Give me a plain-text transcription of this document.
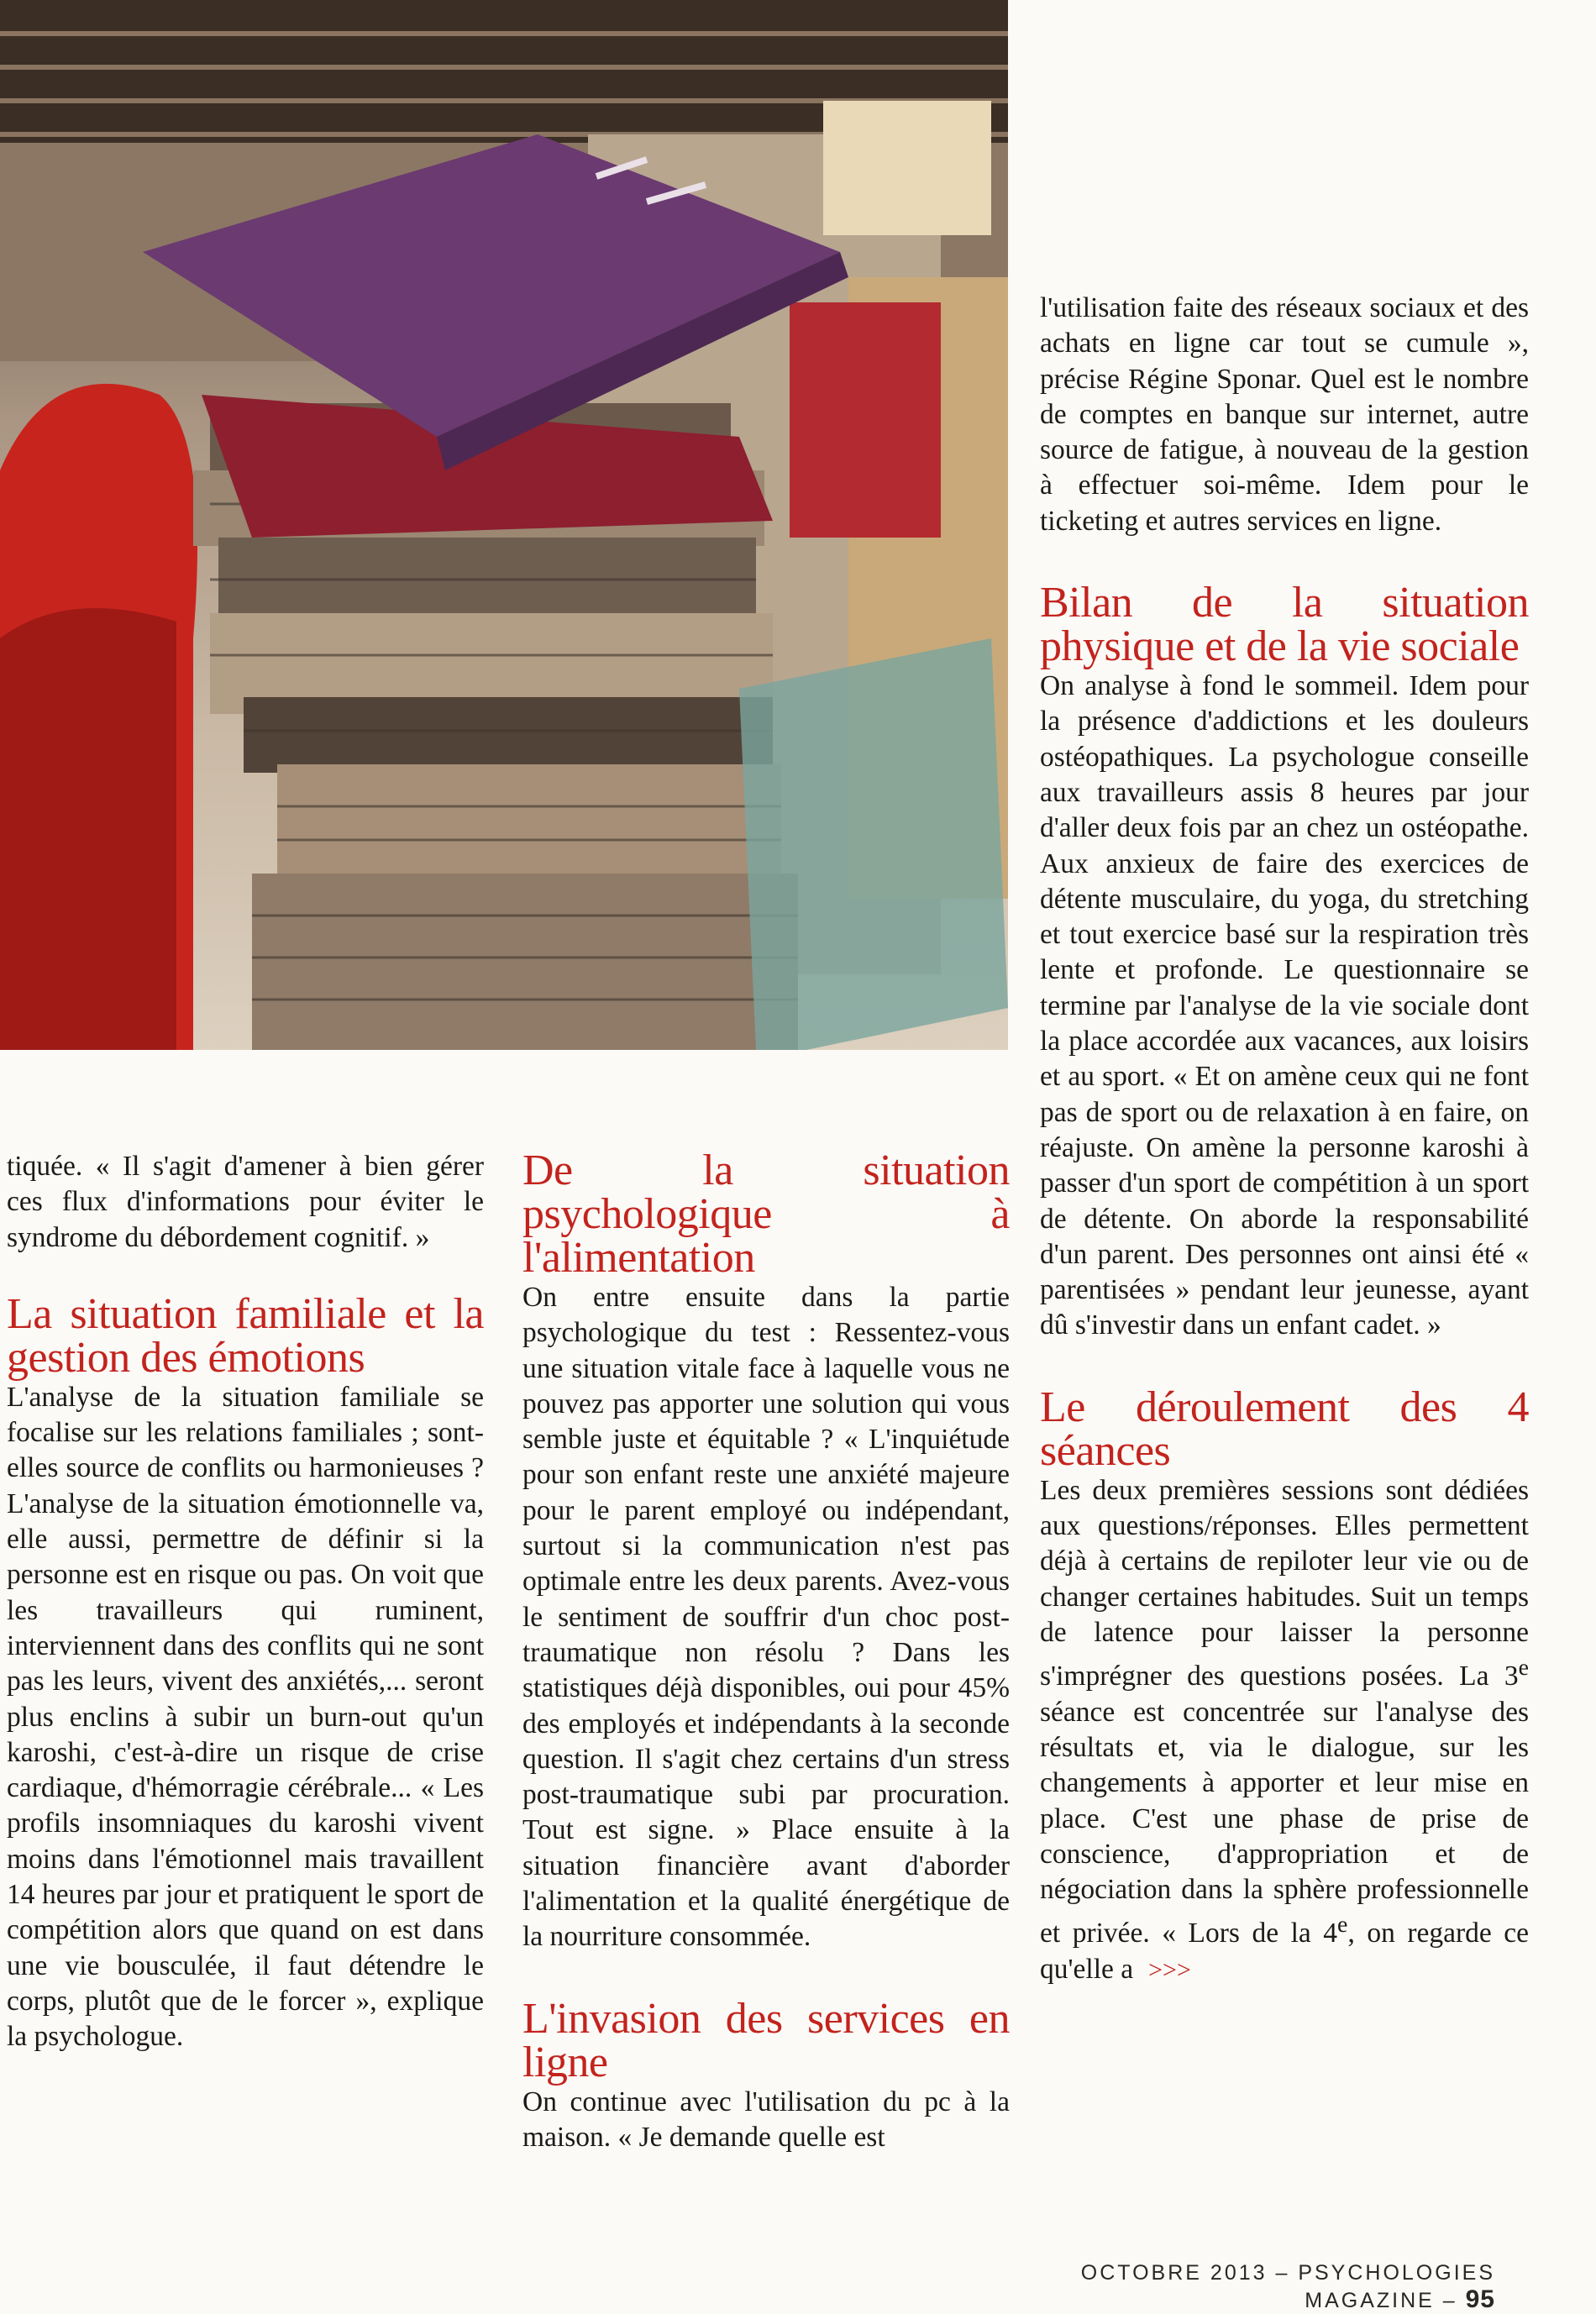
tiquée. « Il s'agit d'amener à bien gérer ces flux d'informations pour éviter le syndrome du débordement cognitif. »

La situation familiale et la gestion des émotions

L'analyse de la situation familiale se focalise sur les relations familiales ; sont-elles source de conflits ou harmonieuses ? L'analyse de la situation émotionnelle va, elle aussi, permettre de définir si la personne est en risque ou pas. On voit que les travailleurs qui ruminent, interviennent dans des conflits qui ne sont pas les leurs, vivent des anxiétés,... seront plus enclins à subir un burn-out qu'un karoshi, c'est-à-dire un risque de crise cardiaque, d'hémorragie cérébrale... « Les profils insomniaques du karoshi vivent moins dans l'émotionnel mais travaillent 14 heures par jour et pratiquent le sport de compétition alors que quand on est dans une vie bousculée, il faut détendre le corps, plutôt que de le forcer », explique la psychologue.

De la situation psychologique à l'alimentation

On entre ensuite dans la partie psychologique du test : Ressentez-vous une situation vitale face à laquelle vous ne pouvez pas apporter une solution qui vous semble juste et équitable ? « L'inquiétude pour son enfant reste une anxiété majeure pour le parent employé ou indépendant, surtout si la communication n'est pas optimale entre les deux parents. Avez-vous le sentiment de souffrir d'un choc post-traumatique non résolu ? Dans les statistiques déjà disponibles, oui pour 45% des employés et indépendants à la seconde question. Il s'agit chez certains d'un stress post-traumatique subi par procuration. Tout est signe. » Place ensuite à la situation financière avant d'aborder l'alimentation et la qualité énergétique de la nourriture consommée.

L'invasion des services en ligne

On continue avec l'utilisation du pc à la maison. « Je demande quelle est

l'utilisation faite des réseaux sociaux et des achats en ligne car tout se cumule », précise Régine Sponar. Quel est le nombre de comptes en banque sur internet, autre source de fatigue, à nouveau de la gestion à effectuer soi-même. Idem pour le ticketing et autres services en ligne.

Bilan de la situation physique et de la vie sociale

On analyse à fond le sommeil. Idem pour la présence d'addictions et les douleurs ostéopathiques. La psychologue conseille aux travailleurs assis 8 heures par jour d'aller deux fois par an chez un ostéopathe. Aux anxieux de faire des exercices de détente musculaire, du yoga, du stretching et tout exercice basé sur la respiration très lente et profonde. Le questionnaire se termine par l'analyse de la vie sociale dont la place accordée aux vacances, aux loisirs et au sport. « Et on amène ceux qui ne font pas de sport ou de relaxation à en faire, on réajuste. On amène la personne karoshi à passer d'un sport de compétition à un sport de détente. On aborde la responsabilité d'un parent. Des personnes ont ainsi été « parentisées » pendant leur jeunesse, ayant dû s'investir dans un enfant cadet. »

Le déroulement des 4 séances

Les deux premières sessions sont dédiées aux questions/réponses. Elles permettent déjà à certains de repiloter leur vie ou de changer certaines habitudes. Suit un temps de latence pour laisser la personne s'imprégner des questions posées. La 3e séance est concentrée sur l'analyse des résultats et, via le dialogue, sur les changements à apporter et leur mise en place. C'est une phase de prise de conscience, d'appropriation et de négociation dans la sphère professionnelle et privée. « Lors de la 4e, on regarde ce qu'elle a >>>

OCTOBRE 2013 – PSYCHOLOGIES MAGAZINE – 95
